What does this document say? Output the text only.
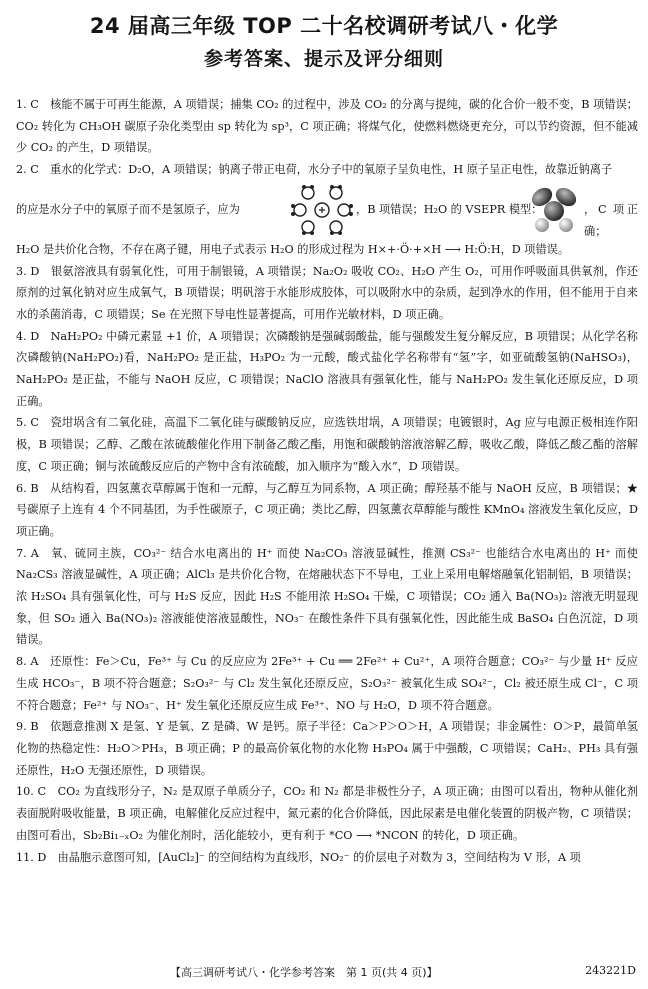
24 届高三年级 TOP 二十名校调研考试八・化学
参考答案、提示及评分细则

1. C　核能不属于可再生能源，A 项错误；捕集 CO₂ 的过程中，涉及 CO₂ 的分离与提纯，碳的化合价一般不变，B 项错误；CO₂ 转化为 CH₃OH 碳原子杂化类型由 sp 转化为 sp³，C 项正确；将煤气化，使燃料燃烧更充分，可以节约资源，但不能减少 CO₂ 的产生，D 项错误。

2. C　重水的化学式：D₂O，A 项错误；钠离子带正电荷，水分子中的氧原子呈负电性，H 原子呈正电性，故靠近钠离子

的应是水分子中的氧原子而不是氢原子，应为	，B 项错误；H₂O 的 VSEPR 模型：	，C 项正确；

H₂O 是共价化合物，不存在离子键，用电子式表示 H₂O 的形成过程为 H×+·Ö·+×H ⟶ H:Ö:H，D 项错误。

3. D　银氨溶液具有弱氧化性，可用于制银镜，A 项错误；Na₂O₂ 吸收 CO₂、H₂O 产生 O₂，可用作呼吸面具供氧剂，作还原剂的过氧化钠对应生成氧气，B 项错误；明矾溶于水能形成胶体，可以吸附水中的杂质，起到净水的作用，但不能用于自来水的杀菌消毒，C 项错误；Se 在光照下导电性显著提高，可用作光敏材料，D 项正确。

4. D　NaH₂PO₂ 中磷元素显 +1 价，A 项错误；次磷酸钠是强碱弱酸盐，能与强酸发生复分解反应，B 项错误；从化学名称次磷酸钠(NaH₂PO₂)看，NaH₂PO₂ 是正盐，H₃PO₂ 为一元酸，酸式盐化学名称带有“氢”字，如亚硫酸氢钠(NaHSO₃)，NaH₂PO₂ 是正盐，不能与 NaOH 反应，C 项错误；NaClO 溶液具有强氧化性，能与 NaH₂PO₂ 发生氧化还原反应，D 项正确。

5. C　瓷坩埚含有二氧化硅，高温下二氧化硅与碳酸钠反应，应选铁坩埚，A 项错误；电镀银时，Ag 应与电源正极相连作阳极，B 项错误；乙醇、乙酸在浓硫酸催化作用下制备乙酸乙酯，用饱和碳酸钠溶液溶解乙醇，吸收乙酸，降低乙酸乙酯的溶解度，C 项正确；铜与浓硫酸反应后的产物中含有浓硫酸，加入顺序为“酸入水”，D 项错误。

6. B　从结构看，四氢薰衣草醇属于饱和一元醇，与乙醇互为同系物，A 项正确；醇羟基不能与 NaOH 反应，B 项错误；★号碳原子上连有 4 个不同基团，为手性碳原子，C 项正确；类比乙醇，四氢薰衣草醇能与酸性 KMnO₄ 溶液发生氧化反应，D 项正确。

7. A　氧、硫同主族，CO₃²⁻ 结合水电离出的 H⁺ 而使 Na₂CO₃ 溶液显碱性，推测 CS₃²⁻ 也能结合水电离出的 H⁺ 而使 Na₂CS₃ 溶液显碱性，A 项正确；AlCl₃ 是共价化合物，在熔融状态下不导电，工业上采用电解熔融氧化铝制铝，B 项错误；浓 H₂SO₄ 具有强氧化性，可与 H₂S 反应，因此 H₂S 不能用浓 H₂SO₄ 干燥，C 项错误；CO₂ 通入 Ba(NO₃)₂ 溶液无明显现象，但 SO₂ 通入 Ba(NO₃)₂ 溶液能使溶液显酸性，NO₃⁻ 在酸性条件下具有强氧化性，因此能生成 BaSO₄ 白色沉淀，D 项错误。

8. A　还原性：Fe＞Cu，Fe³⁺ 与 Cu 的反应应为 2Fe³⁺ + Cu ══ 2Fe²⁺ + Cu²⁺，A 项符合题意；CO₃²⁻ 与少量 H⁺ 反应生成 HCO₃⁻，B 项不符合题意；S₂O₃²⁻ 与 Cl₂ 发生氧化还原反应，S₂O₃²⁻ 被氧化生成 SO₄²⁻，Cl₂ 被还原生成 Cl⁻，C 项不符合题意；Fe²⁺ 与 NO₃⁻、H⁺ 发生氧化还原反应生成 Fe³⁺、NO 与 H₂O，D 项不符合题意。

9. B　依题意推测 X 是氢、Y 是氧、Z 是磷、W 是钙。原子半径：Ca＞P＞O＞H，A 项错误；非金属性：O＞P，最简单氢化物的热稳定性：H₂O＞PH₃，B 项正确；P 的最高价氧化物的水化物 H₃PO₄ 属于中强酸，C 项错误；CaH₂、PH₃ 具有强还原性，H₂O 无强还原性，D 项错误。

10. C　CO₂ 为直线形分子，N₂ 是双原子单质分子，CO₂ 和 N₂ 都是非极性分子，A 项正确；由图可以看出，物种从催化剂表面脱附吸收能量，B 项正确，电解催化反应过程中，氮元素的化合价降低，因此尿素是电催化装置的阴极产物，C 项错误；由图可看出，Sb₂Bi₁₋ₓO₂ 为催化剂时，活化能较小，更有利于 *CO ⟶ *NCON 的转化，D 项正确。

11. D　由晶胞示意图可知，[AuCl₂]⁻ 的空间结构为直线形，NO₂⁻ 的价层电子对数为 3，空间结构为 V 形，A 项

【高三调研考试八・化学参考答案　第 1 页(共 4 页)】	243221D
